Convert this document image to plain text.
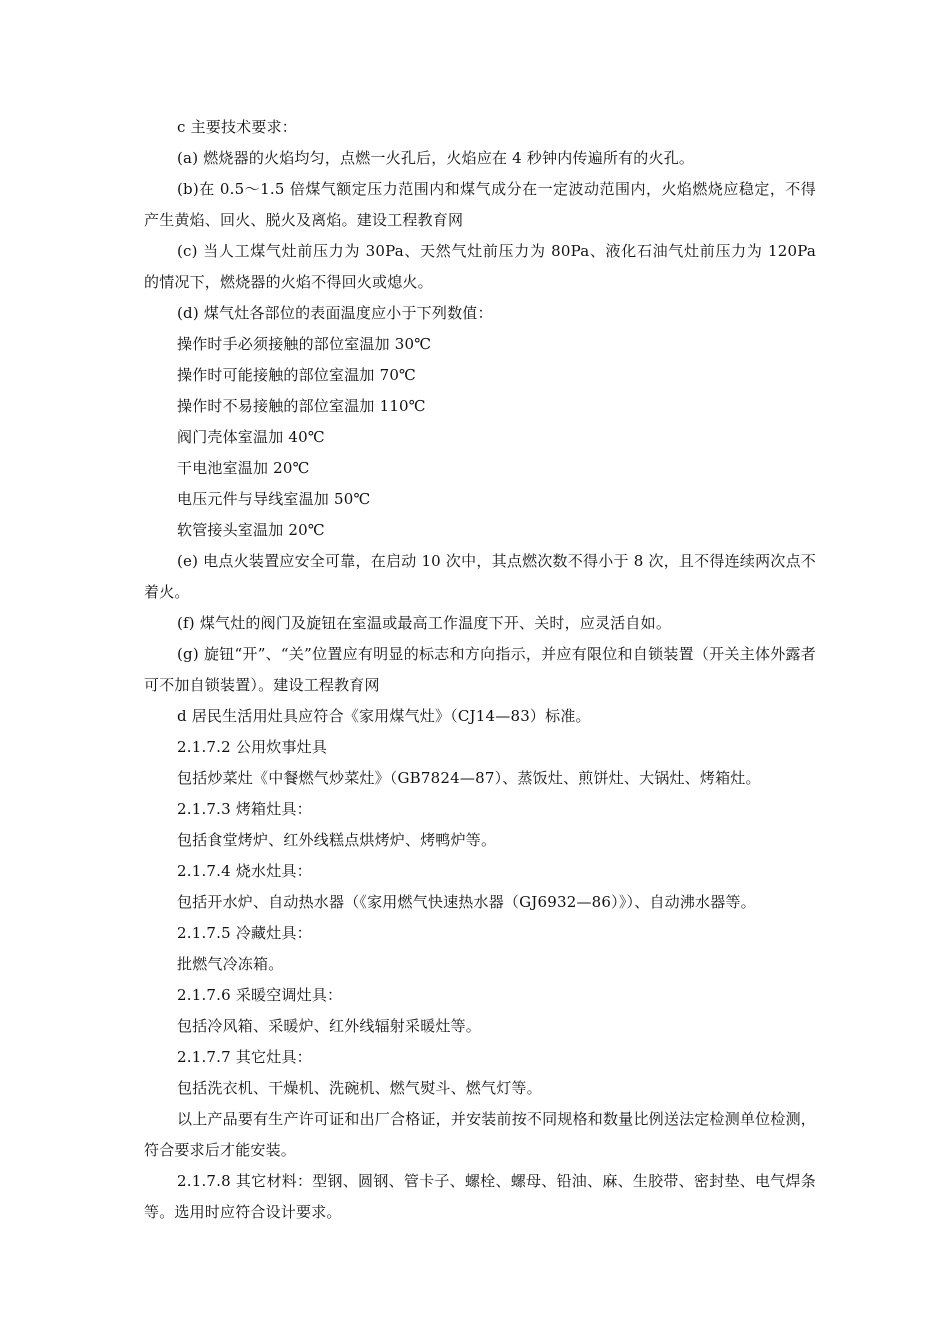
c 主要技术要求：

(a) 燃烧器的火焰均匀，点燃一火孔后，火焰应在 4 秒钟内传遍所有的火孔。

(b)在 0.5～1.5 倍煤气额定压力范围内和煤气成分在一定波动范围内，火焰燃烧应稳定，不得产生黄焰、回火、脱火及离焰。建设工程教育网

(c) 当人工煤气灶前压力为 30Pa、天然气灶前压力为 80Pa、液化石油气灶前压力为 120Pa 的情况下，燃烧器的火焰不得回火或熄火。

(d) 煤气灶各部位的表面温度应小于下列数值：

操作时手必须接触的部位室温加 30℃

操作时可能接触的部位室温加 70℃

操作时不易接触的部位室温加 110℃

阀门壳体室温加 40℃

干电池室温加 20℃

电压元件与导线室温加 50℃

软管接头室温加 20℃

(e) 电点火装置应安全可靠，在启动 10 次中，其点燃次数不得小于 8 次，且不得连续两次点不着火。

(f) 煤气灶的阀门及旋钮在室温或最高工作温度下开、关时，应灵活自如。

(g) 旋钮“开”、“关”位置应有明显的标志和方向指示，并应有限位和自锁装置（开关主体外露者可不加自锁装置）。建设工程教育网

d 居民生活用灶具应符合《家用煤气灶》（CJ14—83）标准。

2.1.7.2 公用炊事灶具

包括炒菜灶《中餐燃气炒菜灶》（GB7824—87）、蒸饭灶、煎饼灶、大锅灶、烤箱灶。

2.1.7.3 烤箱灶具：

包括食堂烤炉、红外线糕点烘烤炉、烤鸭炉等。

2.1.7.4 烧水灶具：

包括开水炉、自动热水器（《家用燃气快速热水器（GJ6932—86）》）、自动沸水器等。

2.1.7.5 冷藏灶具：

批燃气冷冻箱。

2.1.7.6 采暖空调灶具：

包括冷风箱、采暖炉、红外线辐射采暖灶等。

2.1.7.7 其它灶具：

包括洗衣机、干燥机、洗碗机、燃气熨斗、燃气灯等。

以上产品要有生产许可证和出厂合格证，并安装前按不同规格和数量比例送法定检测单位检测，符合要求后才能安装。

2.1.7.8 其它材料：型钢、圆钢、管卡子、螺栓、螺母、铅油、麻、生胶带、密封垫、电气焊条等。选用时应符合设计要求。
